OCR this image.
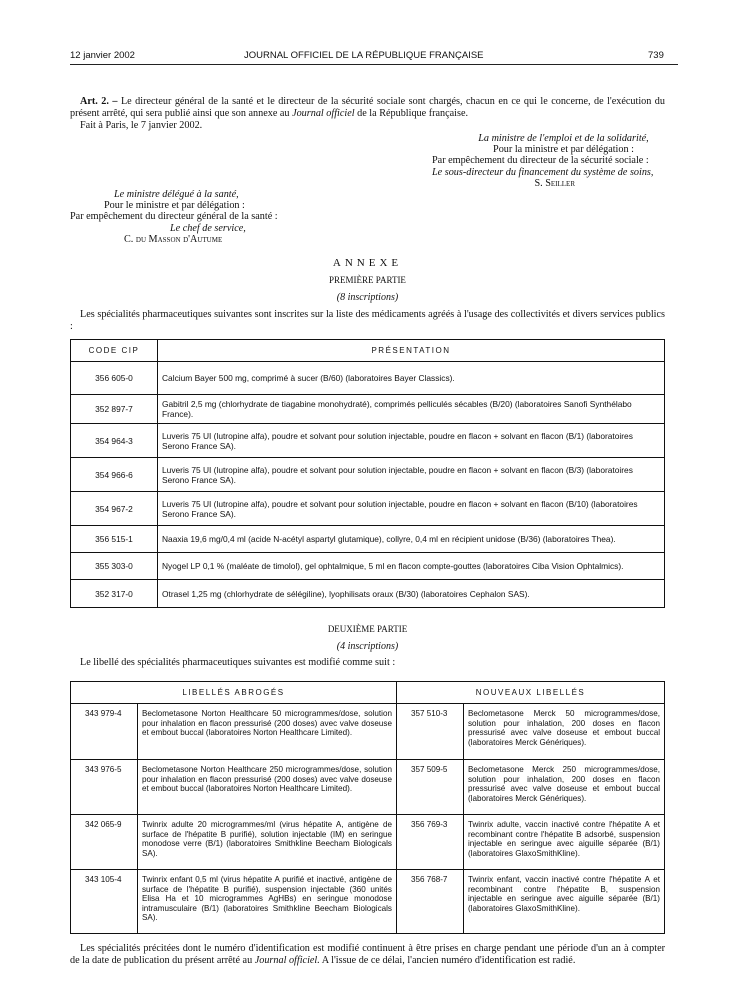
12 janvier 2002	JOURNAL OFFICIEL DE LA RÉPUBLIQUE FRANÇAISE	739
Art. 2. – Le directeur général de la santé et le directeur de la sécurité sociale sont chargés, chacun en ce qui le concerne, de l'exécution du présent arrêté, qui sera publié ainsi que son annexe au Journal officiel de la République française.
Fait à Paris, le 7 janvier 2002.
La ministre de l'emploi et de la solidarité,
Pour la ministre et par délégation :
Par empêchement du directeur de la sécurité sociale :
Le sous-directeur du financement du système de soins,
S. Seiller
Le ministre délégué à la santé,
Pour le ministre et par délégation :
Par empêchement du directeur général de la santé :
Le chef de service,
C. du Masson d'Autume
ANNEXE
PREMIÈRE PARTIE
(8 inscriptions)
Les spécialités pharmaceutiques suivantes sont inscrites sur la liste des médicaments agréés à l'usage des collectivités et divers services publics :
CODE CIP	PRÉSENTATION
356 605-0	Calcium Bayer 500 mg, comprimé à sucer (B/60) (laboratoires Bayer Classics).
352 897-7	Gabitril 2,5 mg (chlorhydrate de tiagabine monohydraté), comprimés pelliculés sécables (B/20) (laboratoires Sanofi Synthélabo France).
354 964-3	Luveris 75 UI (lutropine alfa), poudre et solvant pour solution injectable, poudre en flacon + solvant en flacon (B/1) (laboratoires Serono France SA).
354 966-6	Luveris 75 UI (lutropine alfa), poudre et solvant pour solution injectable, poudre en flacon + solvant en flacon (B/3) (laboratoires Serono France SA).
354 967-2	Luveris 75 UI (lutropine alfa), poudre et solvant pour solution injectable, poudre en flacon + solvant en flacon (B/10) (laboratoires Serono France SA).
356 515-1	Naaxia 19,6 mg/0,4 ml (acide N-acétyl aspartyl glutamique), collyre, 0,4 ml en récipient unidose (B/36) (laboratoires Thea).
355 303-0	Nyogel LP 0,1 % (maléate de timolol), gel ophtalmique, 5 ml en flacon compte-gouttes (laboratoires Ciba Vision Ophtalmics).
352 317-0	Otrasel 1,25 mg (chlorhydrate de sélégiline), lyophilisats oraux (B/30) (laboratoires Cephalon SAS).
DEUXIÈME PARTIE
(4 inscriptions)
Le libellé des spécialités pharmaceutiques suivantes est modifié comme suit :
LIBELLÉS ABROGÉS		NOUVEAUX LIBELLÉS	
343 979-4	Beclometasone Norton Healthcare 50 microgrammes/dose, solution pour inhalation en flacon pressurisé (200 doses) avec valve doseuse et embout buccal (laboratoires Norton Healthcare Limited).	357 510-3	Beclometasone Merck 50 microgrammes/dose, solution pour inhalation, 200 doses en flacon pressurisé avec valve doseuse et embout buccal (laboratoires Merck Génériques).
343 976-5	Beclometasone Norton Healthcare 250 microgrammes/dose, solution pour inhalation en flacon pressurisé (200 doses) avec valve doseuse et embout buccal (laboratoires Norton Healthcare Limited).	357 509-5	Beclometasone Merck 250 microgrammes/dose, solution pour inhalation, 200 doses en flacon pressurisé avec valve doseuse et embout buccal (laboratoires Merck Génériques).
342 065-9	Twinrix adulte 20 microgrammes/ml (virus hépatite A, antigène de surface de l'hépatite B purifié), solution injectable (IM) en seringue monodose verre (B/1) (laboratoires Smithkline Beecham Biologicals SA).	356 769-3	Twinrix adulte, vaccin inactivé contre l'hépatite A et recombinant contre l'hépatite B adsorbé, suspension injectable en seringue avec aiguille séparée (B/1) (laboratoires GlaxoSmithKline).
343 105-4	Twinrix enfant 0,5 ml (virus hépatite A purifié et inactivé, antigène de surface de l'hépatite B purifié), suspension injectable (360 unités Elisa Ha et 10 microgrammes AgHBs) en seringue monodose intramusculaire (B/1) (laboratoires Smithkline Beecham Biologicals SA).	356 768-7	Twinrix enfant, vaccin inactivé contre l'hépatite A et recombinant contre l'hépatite B, suspension injectable en seringue avec aiguille séparée (B/1) (laboratoires GlaxoSmithKline).
Les spécialités précitées dont le numéro d'identification est modifié continuent à être prises en charge pendant une période d'un an à compter de la date de publication du présent arrêté au Journal officiel. A l'issue de ce délai, l'ancien numéro d'identification est radié.
